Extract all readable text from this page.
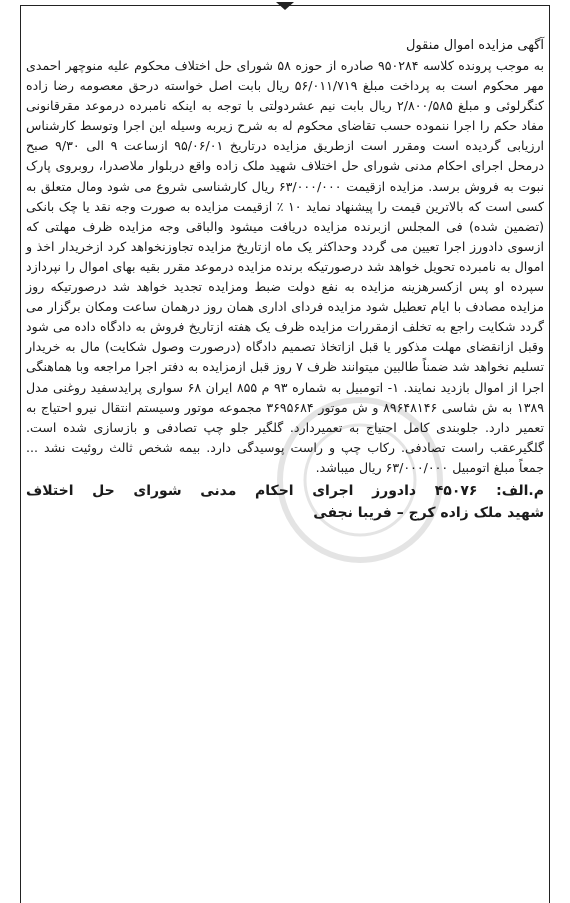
آگهی مزایده اموال منقول

به موجب پرونده کلاسه ۹۵۰۲۸۴ صادره از حوزه ۵۸ شورای حل اختلاف محکوم علیه منوچهر احمدی مهر محکوم است به پرداخت مبلغ ۵۶/۰۱۱/۷۱۹ ریال بابت اصل خواسته درحق معصومه رضا زاده کنگرلوئی و مبلغ ۲/۸۰۰/۵۸۵ ریال بابت نیم عشردولتی با توجه به اینکه نامبرده درموعد مقرقانونی مفاد حکم را اجرا ننموده حسب تقاضای محکوم له به شرح زیربه وسیله این اجرا وتوسط کارشناس ارزیابی گردیده است ومقرر است ازطریق مزایده درتاریخ ۹۵/۰۶/۰۱ ازساعت ۹ الی ۹/۳۰ صبح درمحل اجرای احکام مدنی شورای حل اختلاف شهید ملک زاده واقع دربلوار ملاصدرا، روبروی پارک نبوت به فروش برسد. مزایده ازقیمت ۶۳/۰۰۰/۰۰۰ ریال کارشناسی شروع می شود ومال متعلق به کسی است که بالاترین قیمت را پیشنهاد نماید ۱۰ ٪ ازقیمت مزایده به صورت وجه نقد یا چک بانکی (تضمین شده) فی المجلس ازبرنده مزایده دریافت میشود والباقی وجه مزایده ظرف مهلتی که ازسوی دادورز اجرا تعیین می گردد وحداکثر یک ماه ازتاریخ مزایده تجاوزنخواهد کرد ازخریدار اخذ و اموال به نامبرده تحویل خواهد شد درصورتیکه برنده مزایده درموعد مقرر بقیه بهای اموال را نپردازد سپرده او پس ازکسرهزینه مزایده به نفع دولت ضبط ومزایده تجدید خواهد شد درصورتیکه روز مزایده مصادف با ایام تعطیل شود مزایده فردای اداری همان روز درهمان ساعت ومکان برگزار می گردد شکایت راجع به تخلف ازمقررات مزایده ظرف یک هفته ازتاریخ فروش به دادگاه داده می شود وقبل ازانقضای مهلت مذکور یا قبل ازاتخاذ تصمیم دادگاه (درصورت وصول شکایت) مال به خریدار تسلیم نخواهد شد ضمناً طالبین میتوانند ظرف ۷ روز قبل ازمزایده به دفتر اجرا مراجعه وبا هماهنگی اجرا از اموال بازدید نمایند. ۱- اتومبیل به شماره ۹۳ م ۸۵۵ ایران ۶۸ سواری پرایدسفید روغنی مدل ۱۳۸۹ به ش شاسی ۸۹۶۴۸۱۴۶ و ش موتور ۳۶۹۵۶۸۴ مجموعه موتور وسیستم انتقال نیرو احتیاج به تعمیر دارد. جلوبندی کامل احتیاج به تعمیردارد. گلگیر جلو چپ تصادفی و بازسازی شده است. گلگیرعقب راست تصادفی. رکاب چپ و راست پوسیدگی دارد. بیمه شخص ثالث روئیت نشد ... جمعاً مبلغ اتومبیل ۶۳/۰۰۰/۰۰۰ ریال میباشد.

م.الف: ۴۵۰۷۶ دادورز اجرای احکام مدنی شورای حل اختلاف
شهید ملک زاده کرج – فریبا نجفی
